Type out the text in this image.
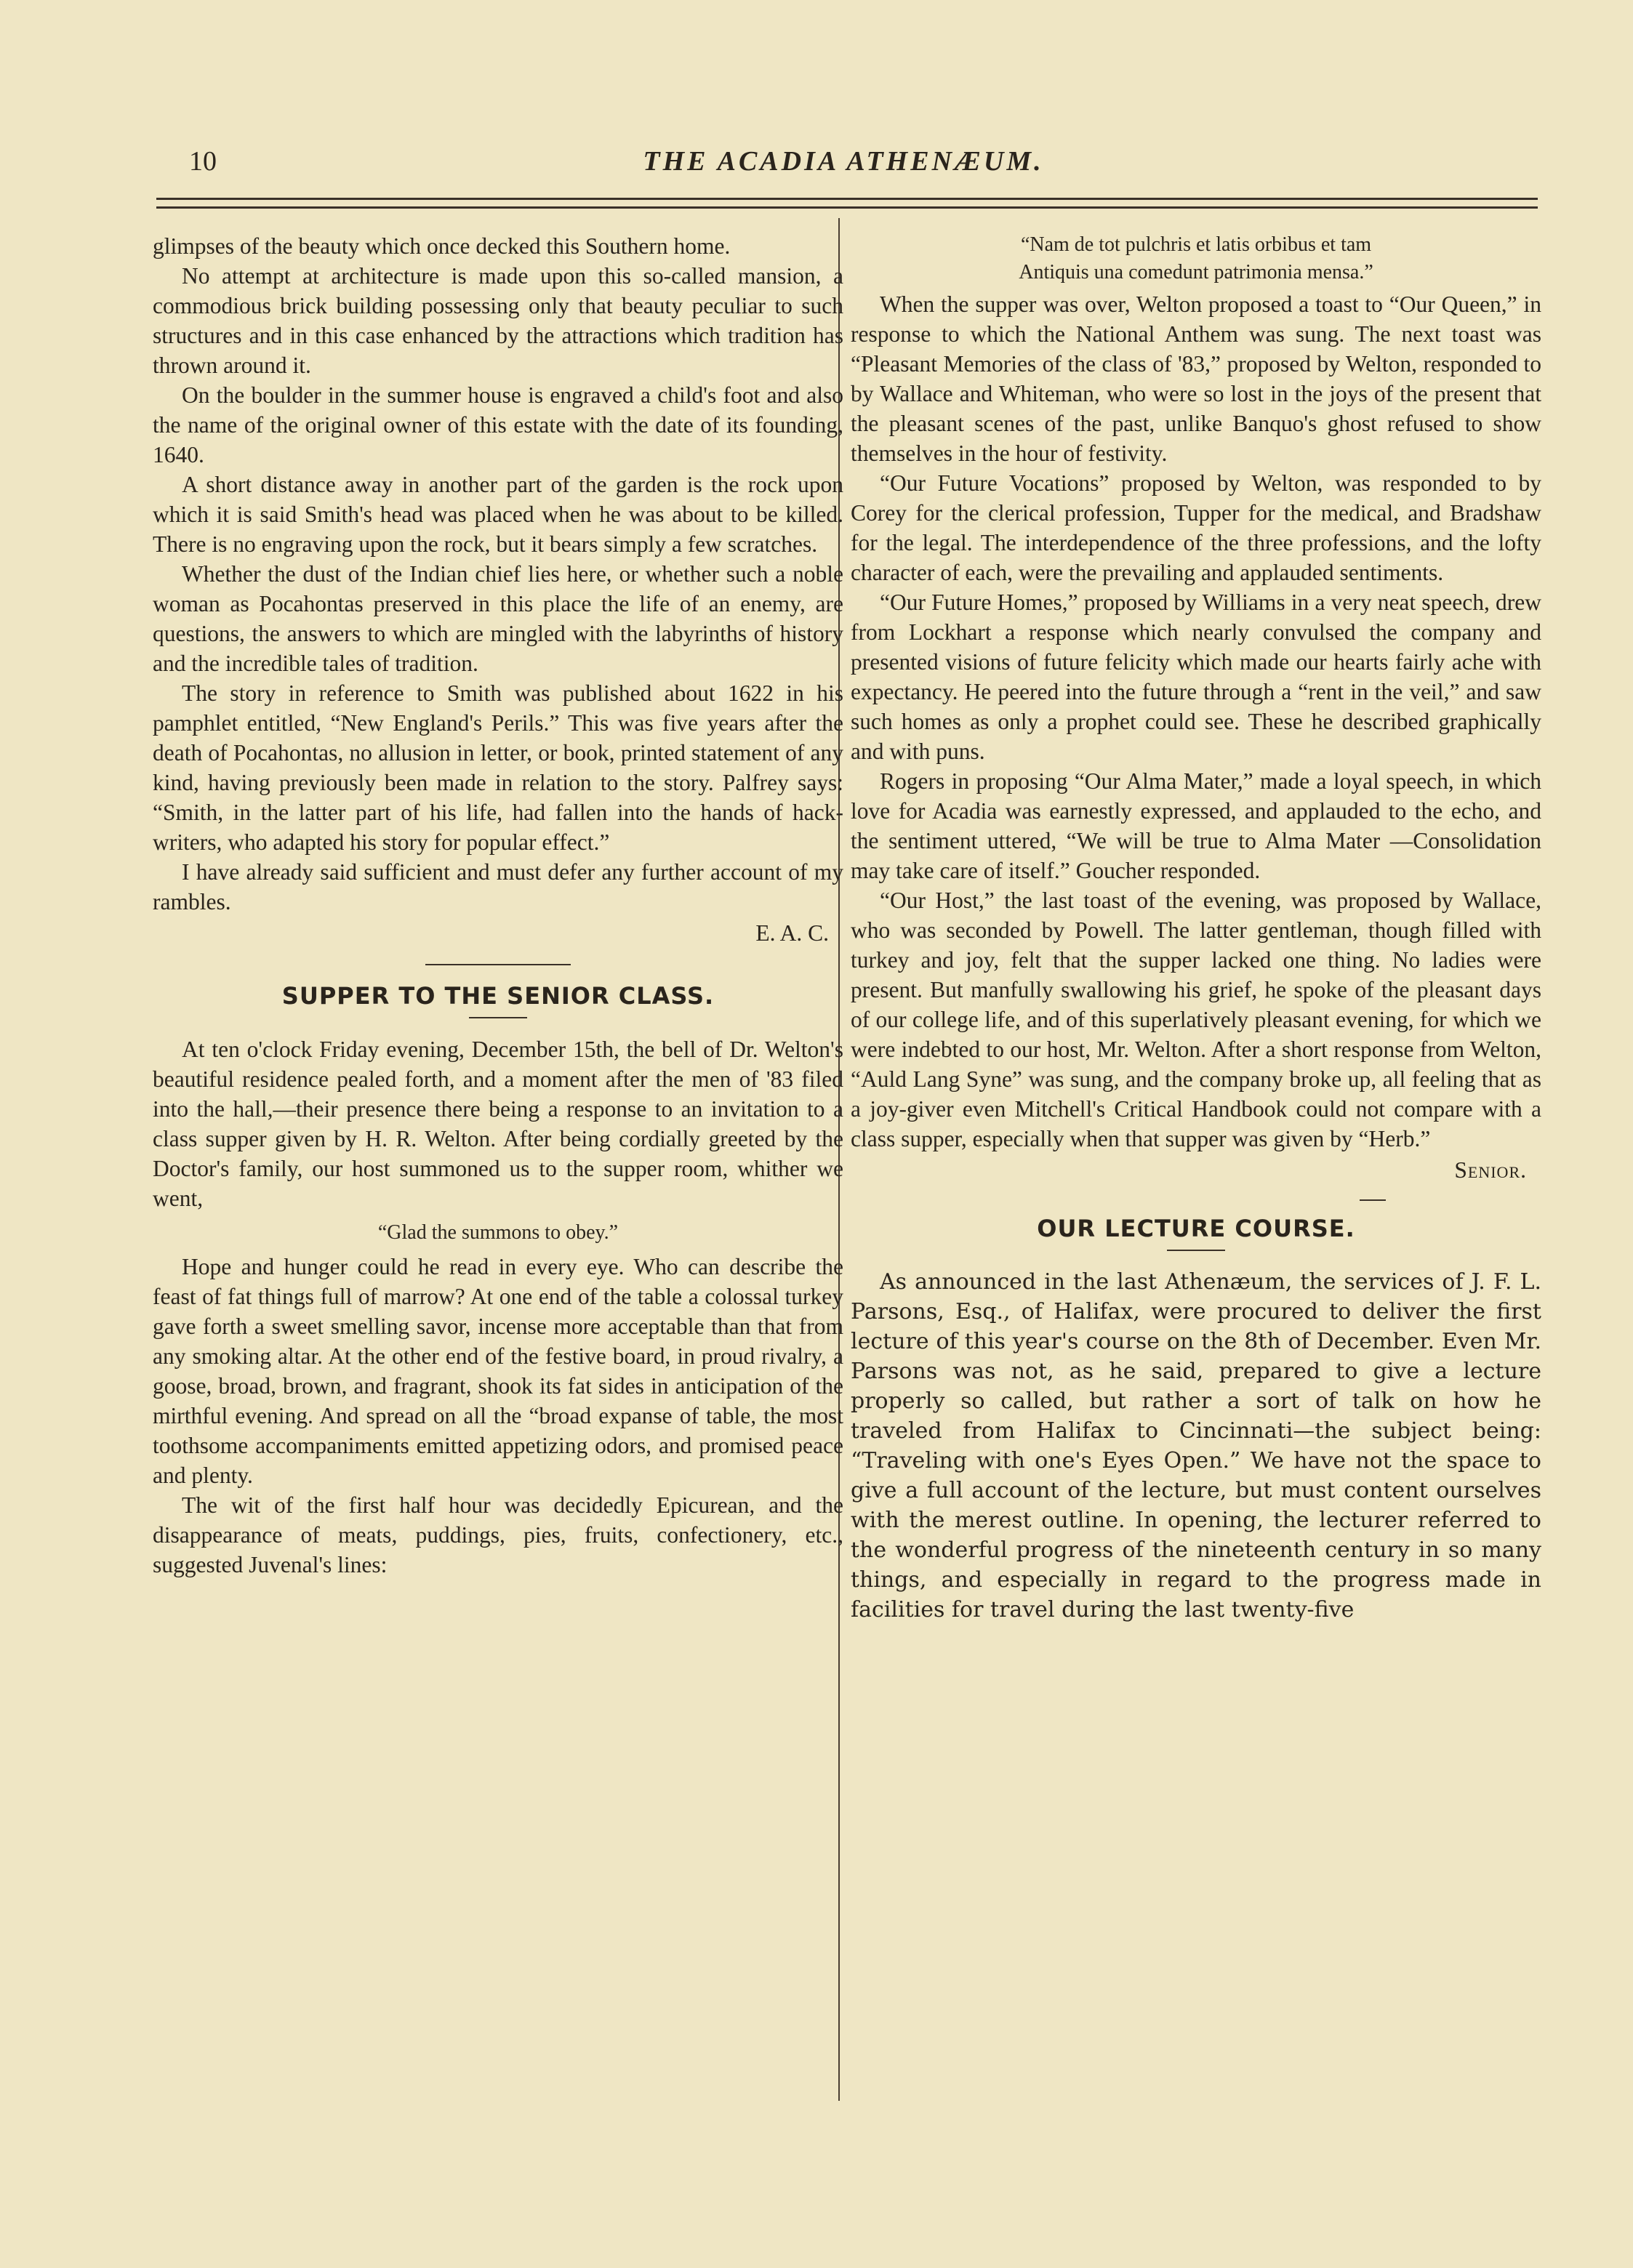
10	THE ACADIA ATHENÆUM.

glimpses of the beauty which once decked this Southern home.

No attempt at architecture is made upon this so-called mansion, a commodious brick building possessing only that beauty peculiar to such structures and in this case enhanced by the attractions which tradition has thrown around it.

On the boulder in the summer house is engraved a child's foot and also the name of the original owner of this estate with the date of its founding, 1640.

A short distance away in another part of the garden is the rock upon which it is said Smith's head was placed when he was about to be killed. There is no engraving upon the rock, but it bears simply a few scratches.

Whether the dust of the Indian chief lies here, or whether such a noble woman as Pocahontas preserved in this place the life of an enemy, are questions, the answers to which are mingled with the labyrinths of history and the incredible tales of tradition.

The story in reference to Smith was published about 1622 in his pamphlet entitled, “New England's Perils.” This was five years after the death of Pocahontas, no allusion in letter, or book, printed statement of any kind, having previously been made in relation to the story. Palfrey says: “Smith, in the latter part of his life, had fallen into the hands of hack-writers, who adapted his story for popular effect.”

I have already said sufficient and must defer any further account of my rambles.

E. A. C.
SUPPER TO THE SENIOR CLASS.

At ten o'clock Friday evening, December 15th, the bell of Dr. Welton's beautiful residence pealed forth, and a moment after the men of '83 filed into the hall,—their presence there being a response to an invitation to a class supper given by H. R. Welton. After being cordially greeted by the Doctor's family, our host summoned us to the supper room, whither we went,

“Glad the summons to obey.”

Hope and hunger could he read in every eye. Who can describe the feast of fat things full of marrow? At one end of the table a colossal turkey gave forth a sweet smelling savor, incense more acceptable than that from any smoking altar. At the other end of the festive board, in proud rivalry, a goose, broad, brown, and fragrant, shook its fat sides in anticipation of the mirthful evening. And spread on all the “broad expanse of table, the most toothsome accompaniments emitted appetizing odors, and promised peace and plenty.

The wit of the first half hour was decidedly Epicurean, and the disappearance of meats, puddings, pies, fruits, confectionery, etc., suggested Juvenal's lines:

“Nam de tot pulchris et latis orbibus et tam
Antiquis una comedunt patrimonia mensa.”

When the supper was over, Welton proposed a toast to “Our Queen,” in response to which the National Anthem was sung. The next toast was “Pleasant Memories of the class of '83,” proposed by Welton, responded to by Wallace and Whiteman, who were so lost in the joys of the present that the pleasant scenes of the past, unlike Banquo's ghost refused to show themselves in the hour of festivity.

“Our Future Vocations” proposed by Welton, was responded to by Corey for the clerical profession, Tupper for the medical, and Bradshaw for the legal. The interdependence of the three professions, and the lofty character of each, were the prevailing and applauded sentiments.

“Our Future Homes,” proposed by Williams in a very neat speech, drew from Lockhart a response which nearly convulsed the company and presented visions of future felicity which made our hearts fairly ache with expectancy. He peered into the future through a “rent in the veil,” and saw such homes as only a prophet could see. These he described graphically and with puns.

Rogers in proposing “Our Alma Mater,” made a loyal speech, in which love for Acadia was earnestly expressed, and applauded to the echo, and the sentiment uttered, “We will be true to Alma Mater —Consolidation may take care of itself.” Goucher responded.

“Our Host,” the last toast of the evening, was proposed by Wallace, who was seconded by Powell. The latter gentleman, though filled with turkey and joy, felt that the supper lacked one thing. No ladies were present. But manfully swallowing his grief, he spoke of the pleasant days of our college life, and of this superlatively pleasant evening, for which we were indebted to our host, Mr. Welton. After a short response from Welton, “Auld Lang Syne” was sung, and the company broke up, all feeling that as a joy-giver even Mitchell's Critical Handbook could not compare with a class supper, especially when that supper was given by “Herb.”

Senior.
OUR LECTURE COURSE.

As announced in the last Athenæum, the services of J. F. L. Parsons, Esq., of Halifax, were procured to deliver the first lecture of this year's course on the 8th of December. Even Mr. Parsons was not, as he said, prepared to give a lecture properly so called, but rather a sort of talk on how he traveled from Halifax to Cincinnati—the subject being: “Traveling with one's Eyes Open.” We have not the space to give a full account of the lecture, but must content ourselves with the merest outline. In opening, the lecturer referred to the wonderful progress of the nineteenth century in so many things, and especially in regard to the progress made in facilities for travel during the last twenty-five
